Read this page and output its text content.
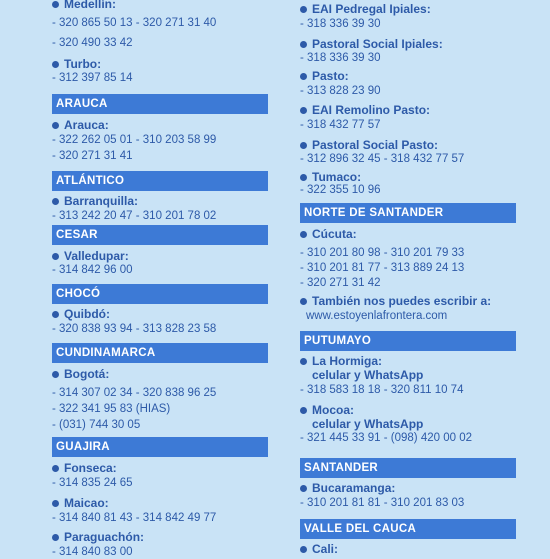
Medellín:
- 320 865 50 13 - 320 271 31 40
- 320 490 33 42
Turbo:
- 312 397 85 14
ARAUCA
Arauca:
- 322 262 05 01 - 310 203 58 99
- 320 271 31 41
ATLÁNTICO
Barranquilla:
- 313 242 20 47 - 310 201 78 02
CESAR
Valledupar:
- 314 842 96 00
CHOCÓ
Quibdó:
- 320 838 93 94 - 313 828 23 58
CUNDINAMARCA
Bogotá:
- 314 307 02 34 - 320 838 96 25
- 322 341 95 83 (HIAS)
- (031) 744 30 05
GUAJIRA
Fonseca:
- 314 835 24 65
Maicao:
- 314 840 81 43 - 314 842 49 77
Paraguachón:
- 314 840 83 00
EAI Pedregal Ipiales:
- 318 336 39 30
Pastoral Social Ipiales:
- 318 336 39 30
Pasto:
- 313 828 23 90
EAI Remolino Pasto:
- 318 432 77 57
Pastoral Social Pasto:
- 312 896 32 45 - 318 432 77 57
Tumaco:
- 322 355 10 96
NORTE DE SANTANDER
Cúcuta:
- 310 201 80 98 - 310 201 79 33
- 310 201 81 77 - 313 889 24 13
- 320 271 31 42
También nos puedes escribir a:
www.estoyenlafrontera.com
PUTUMAYO
La Hormiga:
celular y WhatsApp
- 318 583 18 18 - 320 811 10 74
Mocoa:
celular y WhatsApp
- 321 445 33 91 - (098) 420 00 02
SANTANDER
Bucaramanga:
- 310 201 81 81 - 310 201 83 03
VALLE DEL CAUCA
Cali:
